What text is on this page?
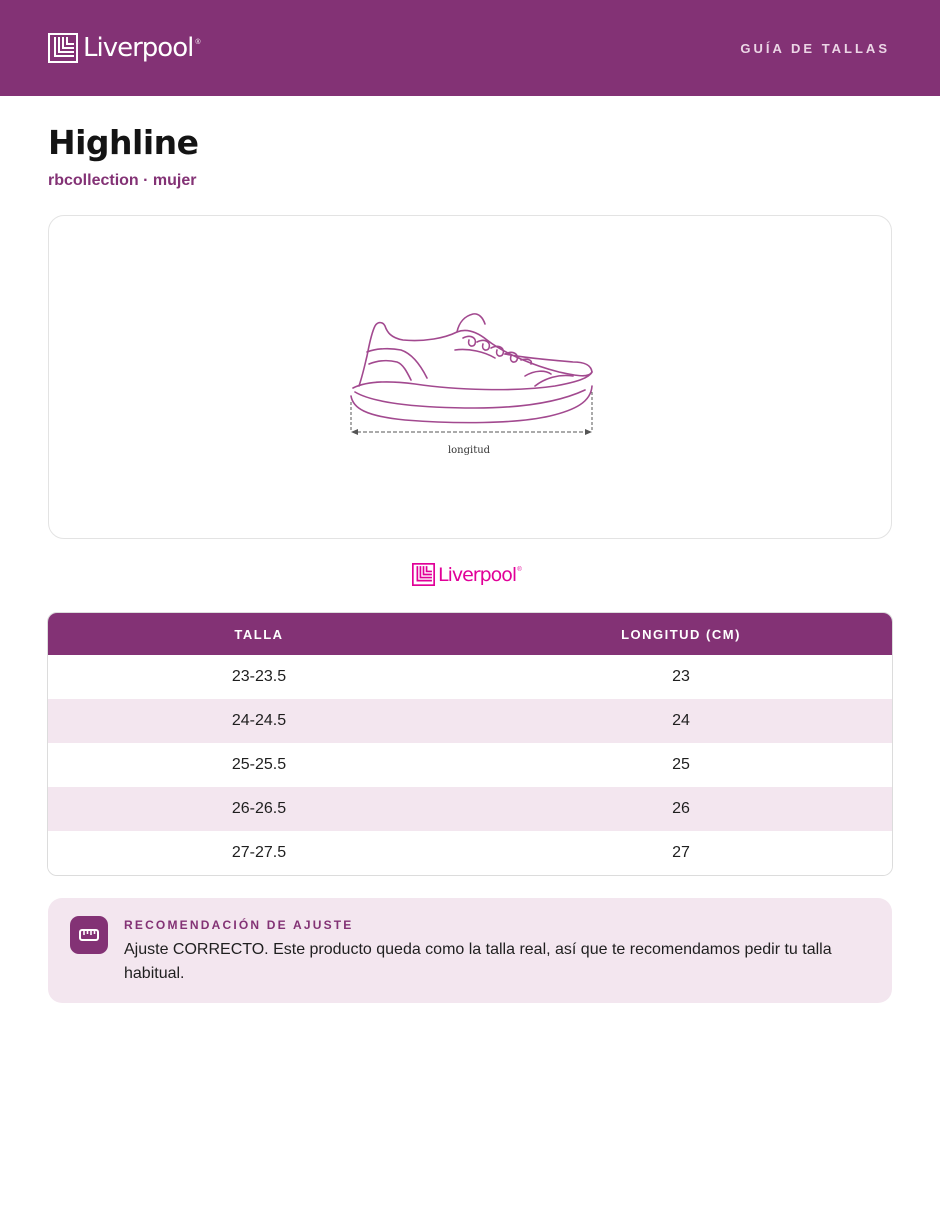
Liverpool ®	GUÍA DE TALLAS
Highline
rbcollection · mujer
longitud
Liverpool ®
TALLA	LONGITUD (CM)
23-23.5	23
24-24.5	24
25-25.5	25
26-26.5	26
27-27.5	27
RECOMENDACIÓN DE AJUSTE
Ajuste CORRECTO. Este producto queda como la talla real, así que te recomendamos pedir tu talla habitual.
